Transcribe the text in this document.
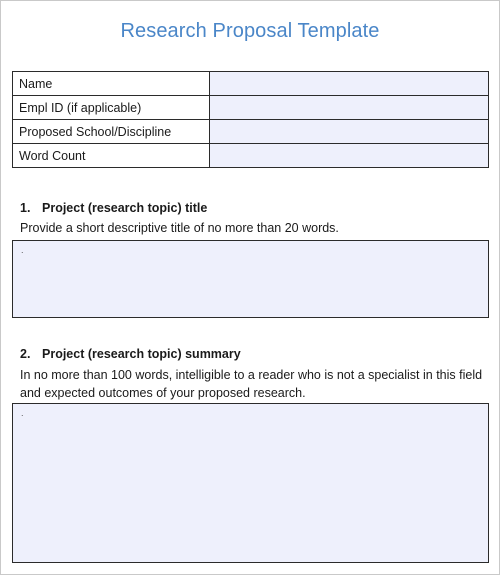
Research Proposal Template
Name	
Empl ID (if applicable)	
Proposed School/Discipline	
Word Count	
1. Project (research topic) title
Provide a short descriptive title of no more than 20 words.
.
2. Project (research topic) summary
In no more than 100 words, intelligible to a reader who is not a specialist in this field and expected outcomes of your proposed research.
.
